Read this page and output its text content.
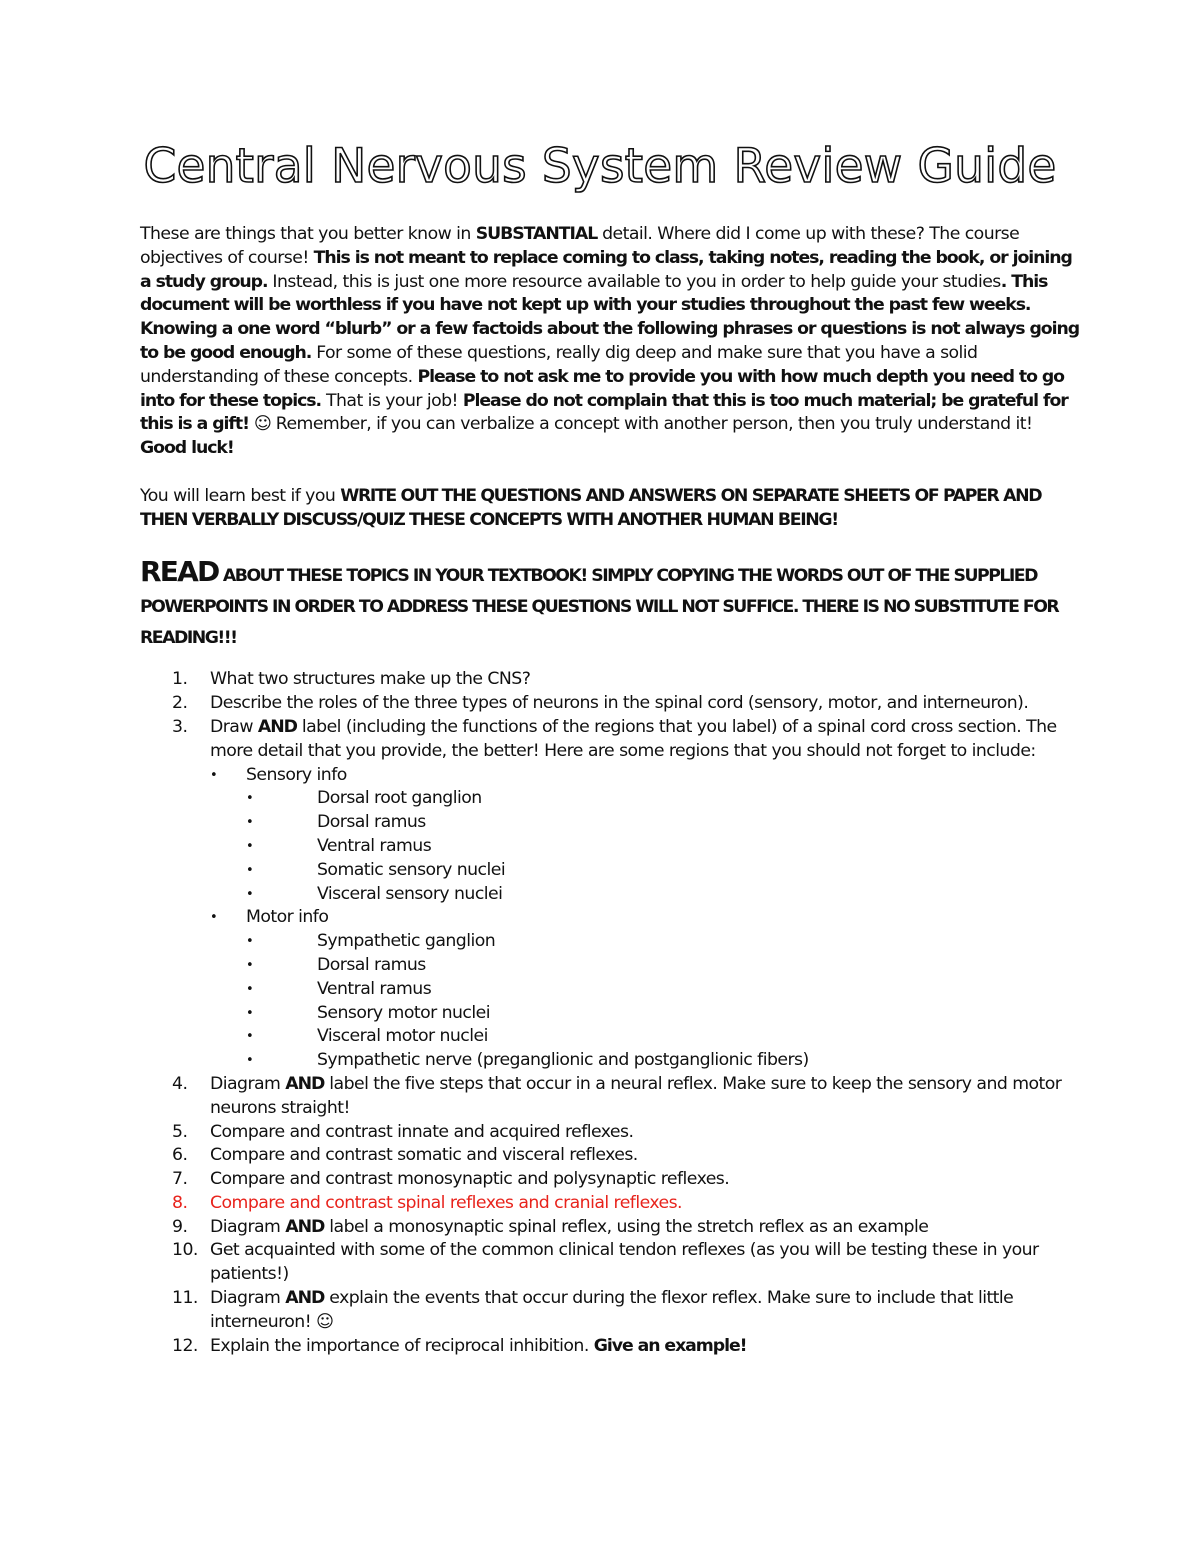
Central Nervous System Review Guide

These are things that you better know in SUBSTANTIAL detail. Where did I come up with these? The course objectives of course! This is not meant to replace coming to class, taking notes, reading the book, or joining a study group. Instead, this is just one more resource available to you in order to help guide your studies. This document will be worthless if you have not kept up with your studies throughout the past few weeks. Knowing a one word “blurb” or a few factoids about the following phrases or questions is not always going to be good enough. For some of these questions, really dig deep and make sure that you have a solid understanding of these concepts. Please to not ask me to provide you with how much depth you need to go into for these topics. That is your job! Please do not complain that this is too much material; be grateful for this is a gift! ☺ Remember, if you can verbalize a concept with another person, then you truly understand it! Good luck!

You will learn best if you WRITE OUT THE QUESTIONS AND ANSWERS ON SEPARATE SHEETS OF PAPER AND THEN VERBALLY DISCUSS/QUIZ THESE CONCEPTS WITH ANOTHER HUMAN BEING!

READ ABOUT THESE TOPICS IN YOUR TEXTBOOK! SIMPLY COPYING THE WORDS OUT OF THE SUPPLIED POWERPOINTS IN ORDER TO ADDRESS THESE QUESTIONS WILL NOT SUFFICE. THERE IS NO SUBSTITUTE FOR READING!!!

1.	What two structures make up the CNS?
2.	Describe the roles of the three types of neurons in the spinal cord (sensory, motor, and interneuron).
3.	Draw AND label (including the functions of the regions that you label) of a spinal cord cross section. The more detail that you provide, the better! Here are some regions that you should not forget to include:
• Sensory info
•	Dorsal root ganglion
•	Dorsal ramus
•	Ventral ramus
•	Somatic sensory nuclei
•	Visceral sensory nuclei
• Motor info
•	Sympathetic ganglion
•	Dorsal ramus
•	Ventral ramus
•	Sensory motor nuclei
•	Visceral motor nuclei
•	Sympathetic nerve (preganglionic and postganglionic fibers)
4.	Diagram AND label the five steps that occur in a neural reflex. Make sure to keep the sensory and motor neurons straight!
5.	Compare and contrast innate and acquired reflexes.
6.	Compare and contrast somatic and visceral reflexes.
7.	Compare and contrast monosynaptic and polysynaptic reflexes.
8.	Compare and contrast spinal reflexes and cranial reflexes.
9.	Diagram AND label a monosynaptic spinal reflex, using the stretch reflex as an example
10. Get acquainted with some of the common clinical tendon reflexes (as you will be testing these in your patients!)
11. Diagram AND explain the events that occur during the flexor reflex. Make sure to include that little interneuron! ☺
12. Explain the importance of reciprocal inhibition. Give an example!
